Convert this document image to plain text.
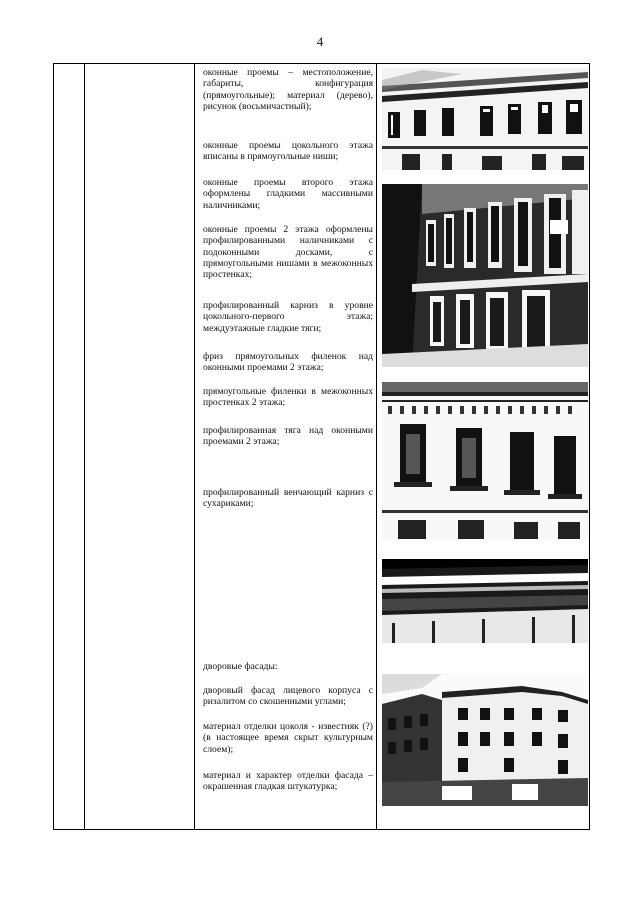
4

оконные проемы – местоположение, габариты, конфигурация (прямоугольные); материал (дерево), рисунок (восьмичастный);

оконные проемы цокольного этажа вписаны в прямоугольные ниши;

оконные проемы второго этажа оформлены гладкими массивными наличниками;

оконные проемы 2 этажа оформлены профилированными наличниками с подоконными досками, с прямоугольными нишами в межоконных простенках;

профилированный карниз в уровне цокольного-первого этажа; междуэтажные гладкие тяги;

фриз прямоугольных филенок над оконными проемами 2 этажа;

прямоугольные филенки в межоконных простенках 2 этажа;

профилированная тяга над оконными проемами 2 этажа;

профилированный венчающий карниз с сухариками;

дворовые фасады:

дворовый фасад лицевого корпуса с ризалитом со скошенными углами;

материал отделки цоколя - известняк (?)(в настоящее время скрыт культурным слоем);

материал и характер отделки фасада – окрашенная гладкая штукатурка;
